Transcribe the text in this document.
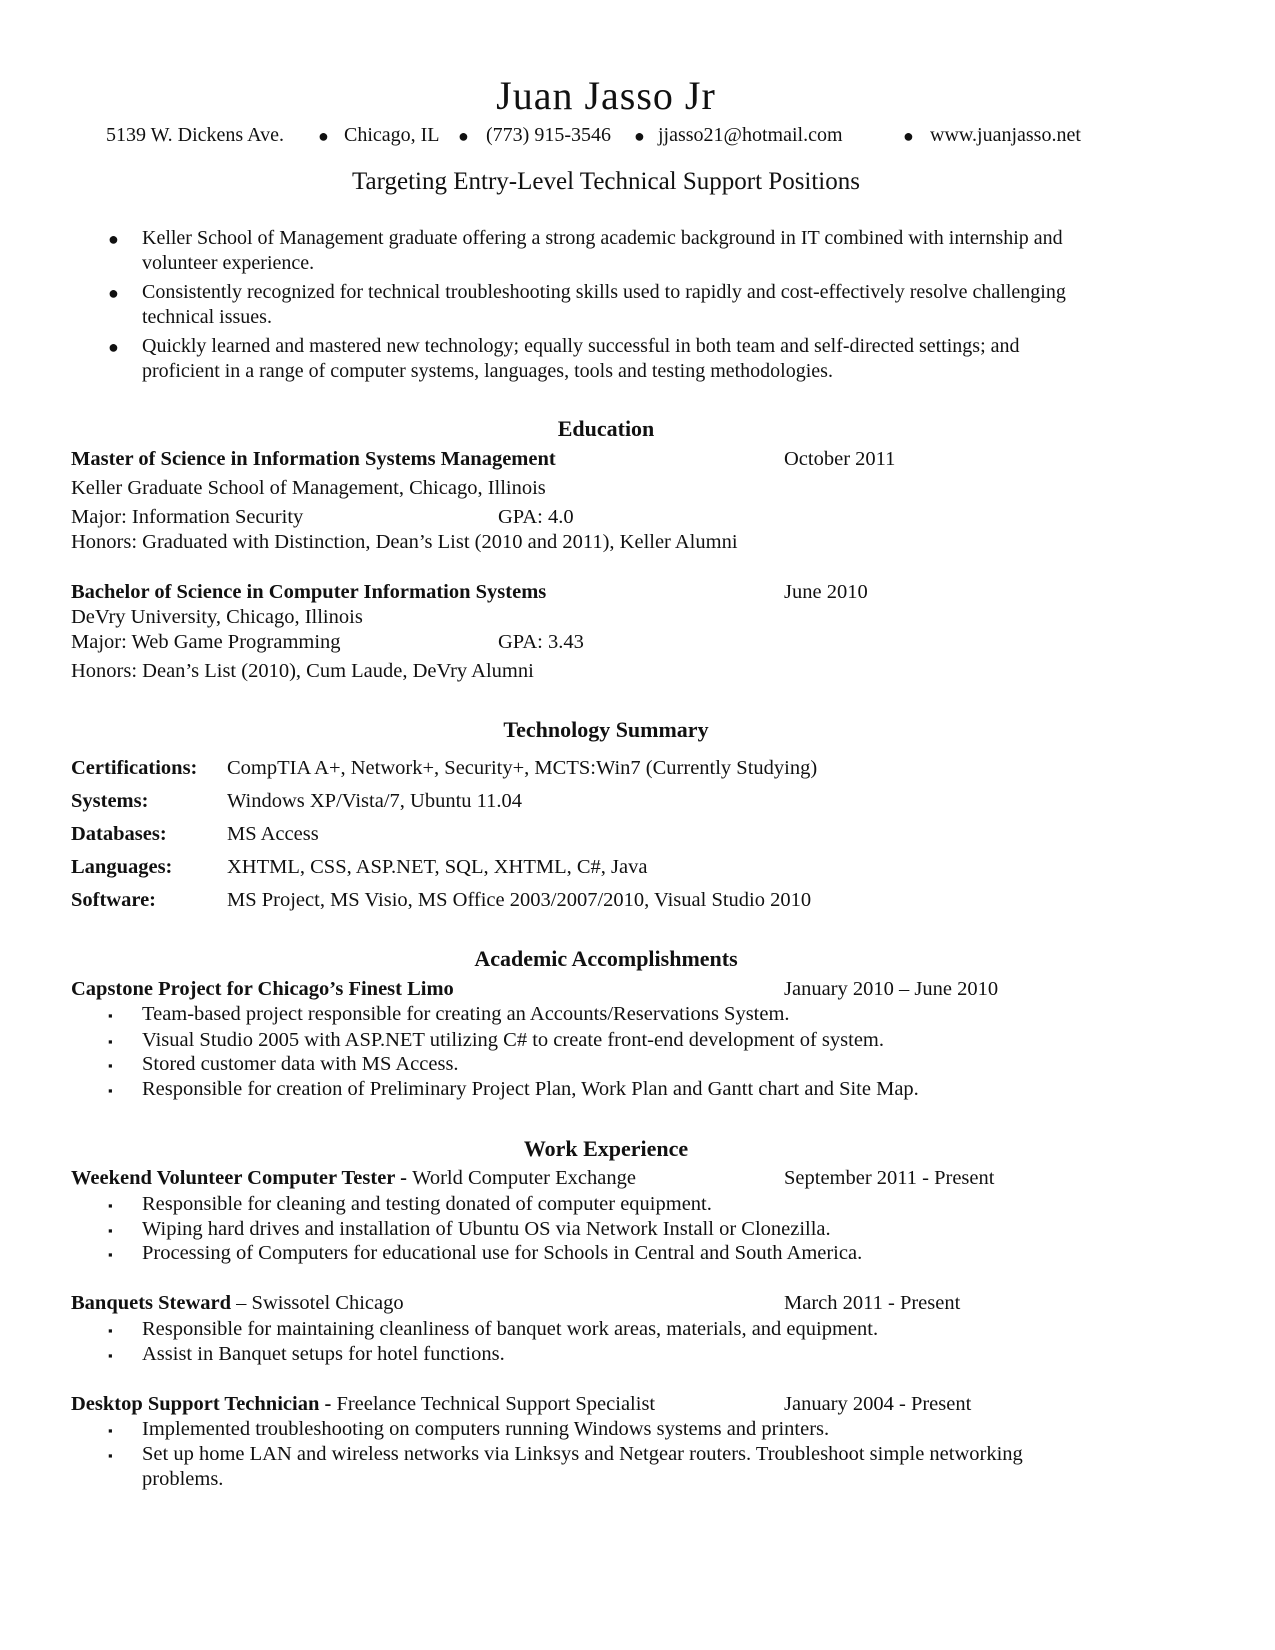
Juan Jasso Jr
5139 W. Dickens Ave. ● Chicago, IL ● (773) 915-3546 ● jjasso21@hotmail.com	● www.juanjasso.net
Targeting Entry-Level Technical Support Positions
● Keller School of Management graduate offering a strong academic background in IT combined with internship and
volunteer experience.
● Consistently recognized for technical troubleshooting skills used to rapidly and cost-effectively resolve challenging
technical issues.
● Quickly learned and mastered new technology; equally successful in both team and self-directed settings; and
proficient in a range of computer systems, languages, tools and testing methodologies.
Education
Master of Science in Information Systems Management	October 2011
Keller Graduate School of Management, Chicago, Illinois
Major: Information Security	GPA: 4.0
Honors: Graduated with Distinction, Dean’s List (2010 and 2011), Keller Alumni
Bachelor of Science in Computer Information Systems	June 2010
DeVry University, Chicago, Illinois
Major: Web Game Programming	GPA: 3.43
Honors: Dean’s List (2010), Cum Laude, DeVry Alumni
Technology Summary
Certifications: CompTIA A+, Network+, Security+, MCTS:Win7 (Currently Studying)
Systems:	Windows XP/Vista/7, Ubuntu 11.04
Databases:	MS Access
Languages:	XHTML, CSS, ASP.NET, SQL, XHTML, C#, Java
Software:	MS Project, MS Visio, MS Office 2003/2007/2010, Visual Studio 2010
Academic Accomplishments
Capstone Project for Chicago’s Finest Limo	January 2010 – June 2010
▪ Team-based project responsible for creating an Accounts/Reservations System.
▪ Visual Studio 2005 with ASP.NET utilizing C# to create front-end development of system.
▪ Stored customer data with MS Access.
▪ Responsible for creation of Preliminary Project Plan, Work Plan and Gantt chart and Site Map.
Work Experience
Weekend Volunteer Computer Tester - World Computer Exchange	September 2011 - Present
▪ Responsible for cleaning and testing donated of computer equipment.
▪ Wiping hard drives and installation of Ubuntu OS via Network Install or Clonezilla.
▪ Processing of Computers for educational use for Schools in Central and South America.
Banquets Steward – Swissotel Chicago	March 2011 - Present
▪ Responsible for maintaining cleanliness of banquet work areas, materials, and equipment.
▪ Assist in Banquet setups for hotel functions.
Desktop Support Technician - Freelance Technical Support Specialist	January 2004 - Present
▪ Implemented troubleshooting on computers running Windows systems and printers.
▪ Set up home LAN and wireless networks via Linksys and Netgear routers. Troubleshoot simple networking
problems.
